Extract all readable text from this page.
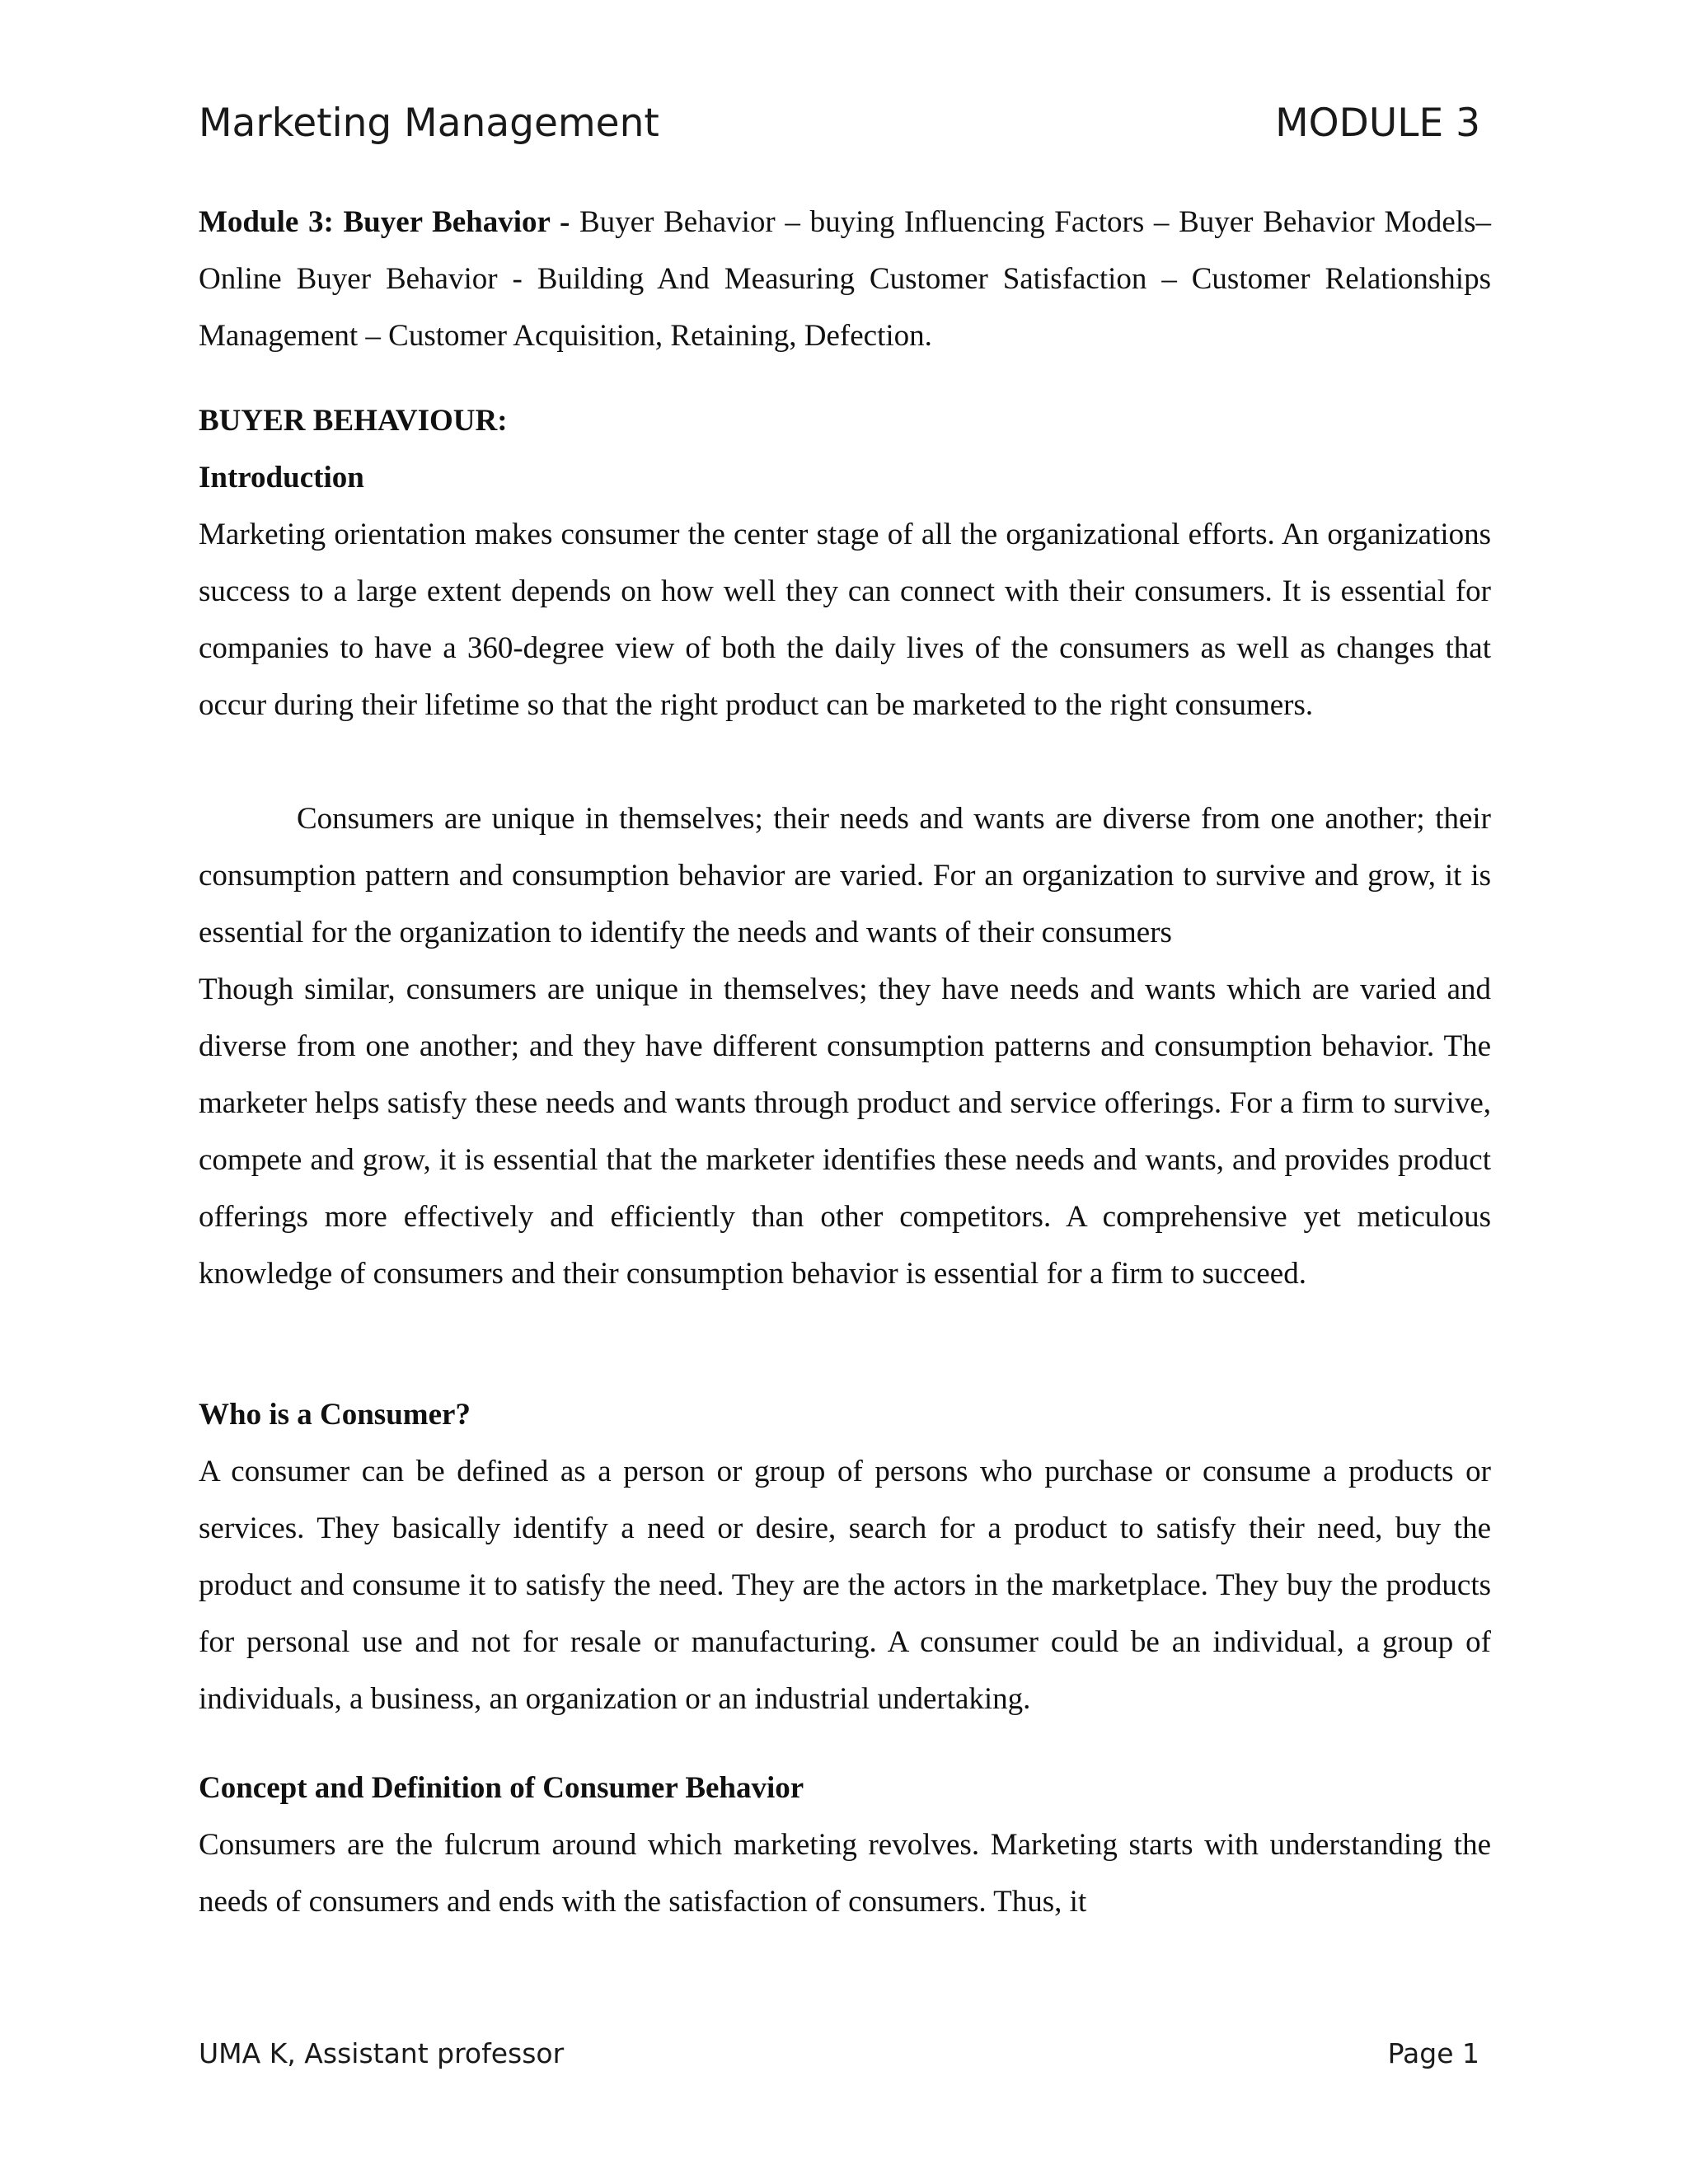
Marketing Management	MODULE 3

Module 3: Buyer Behavior - Buyer Behavior – buying Influencing Factors – Buyer Behavior Models– Online Buyer Behavior - Building And Measuring Customer Satisfaction – Customer Relationships Management – Customer Acquisition, Retaining, Defection.

BUYER BEHAVIOUR:
Introduction

Marketing orientation makes consumer the center stage of all the organizational efforts. An organizations success to a large extent depends on how well they can connect with their consumers. It is essential for companies to have a 360-degree view of both the daily lives of the consumers as well as changes that occur during their lifetime so that the right product can be marketed to the right consumers.

Consumers are unique in themselves; their needs and wants are diverse from one another; their consumption pattern and consumption behavior are varied. For an organization to survive and grow, it is essential for the organization to identify the needs and wants of their consumers

Though similar, consumers are unique in themselves; they have needs and wants which are varied and diverse from one another; and they have different consumption patterns and consumption behavior. The marketer helps satisfy these needs and wants through product and service offerings. For a firm to survive, compete and grow, it is essential that the marketer identifies these needs and wants, and provides product offerings more effectively and efficiently than other competitors. A comprehensive yet meticulous knowledge of consumers and their consumption behavior is essential for a firm to succeed.

Who is a Consumer?

A consumer can be defined as a person or group of persons who purchase or consume a products or services. They basically identify a need or desire, search for a product to satisfy their need, buy the product and consume it to satisfy the need. They are the actors in the marketplace. They buy the products for personal use and not for resale or manufacturing. A consumer could be an individual, a group of individuals, a business, an organization or an industrial undertaking.

Concept and Definition of Consumer Behavior

Consumers are the fulcrum around which marketing revolves. Marketing starts with understanding the needs of consumers and ends with the satisfaction of consumers. Thus, it

UMA K, Assistant professor	Page 1
